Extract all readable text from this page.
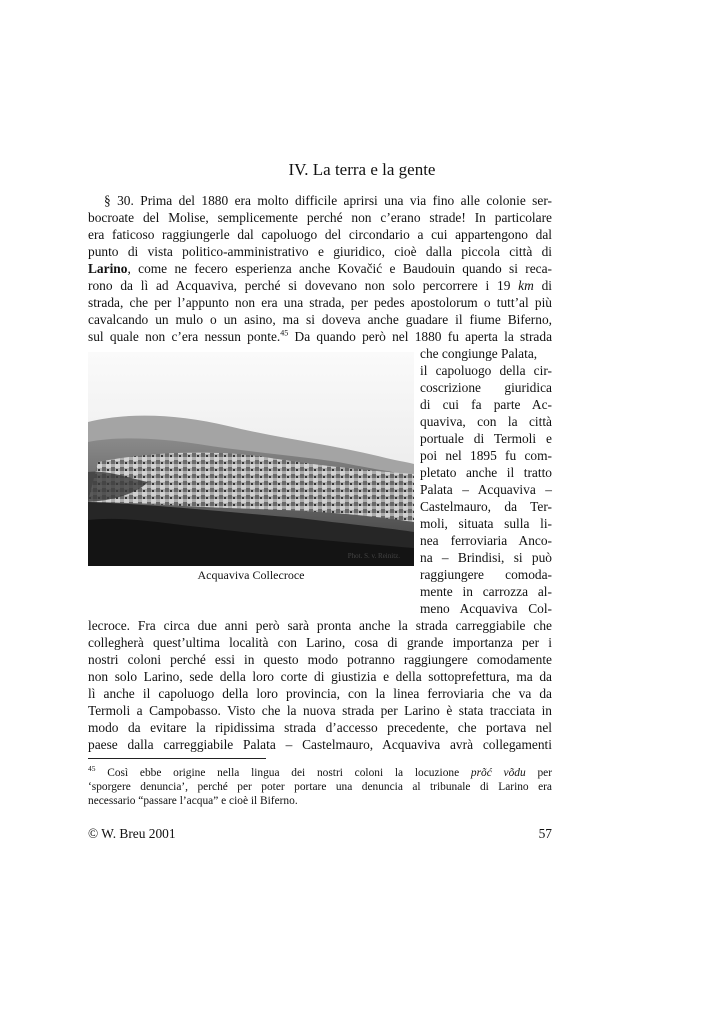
IV. La terra e la gente
§ 30. Prima del 1880 era molto difficile aprirsi una via fino alle colonie ser-
bocroate del Molise, semplicemente perché non c’erano strade! In particolare
era faticoso raggiungerle dal capoluogo del circondario a cui appartengono dal
punto di vista politico-amministrativo e giuridico, cioè dalla piccola città di
Larino, come ne fecero esperienza anche Kovačić e Baudouin quando si reca-
rono da lì ad Acquaviva, perché si dovevano non solo percorrere i 19 km di
strada, che per l’appunto non era una strada, per pedes apostolorum o tutt’al più
cavalcando un mulo o un asino, ma si doveva anche guadare il fiume Biferno,
sul quale non c’era nessun ponte.$^{45}$ Da quando però nel 1880 fu aperta la strada
Phot. S. v. Reinitz.
che congiunge Palata,
il capoluogo della cir-
coscrizione giuridica
di cui fa parte Ac-
quaviva, con la città
portuale di Termoli e
poi nel 1895 fu com-
pletato anche il tratto
Palata – Acquaviva –
Castelmauro, da Ter-
moli, situata sulla li-
nea ferroviaria Anco-
na – Brindisi, si può
raggiungere comoda-
mente in carrozza al-
meno Acquaviva Col-
Acquaviva Collecroce
lecroce. Fra circa due anni però sarà pronta anche la strada carreggiabile che
collegherà quest’ultima località con Larino, cosa di grande importanza per i
nostri coloni perché essi in questo modo potranno raggiungere comodamente
non solo Larino, sede della loro corte di giustizia e della sottoprefettura, ma da
lì anche il capoluogo della loro provincia, con la linea ferroviaria che va da
Termoli a Campobasso. Visto che la nuova strada per Larino è stata tracciata in
modo da evitare la ripidissima strada d’accesso precedente, che portava nel
paese dalla carreggiabile Palata – Castelmauro, Acquaviva avrà collegamenti
$^{45}$ Così ebbe origine nella lingua dei nostri coloni la locuzione prõć võdu per
‘sporgere denuncia’, perché per poter portare una denuncia al tribunale di Larino era
necessario “passare l’acqua” e cioè il Biferno.
© W. Breu 2001	57
